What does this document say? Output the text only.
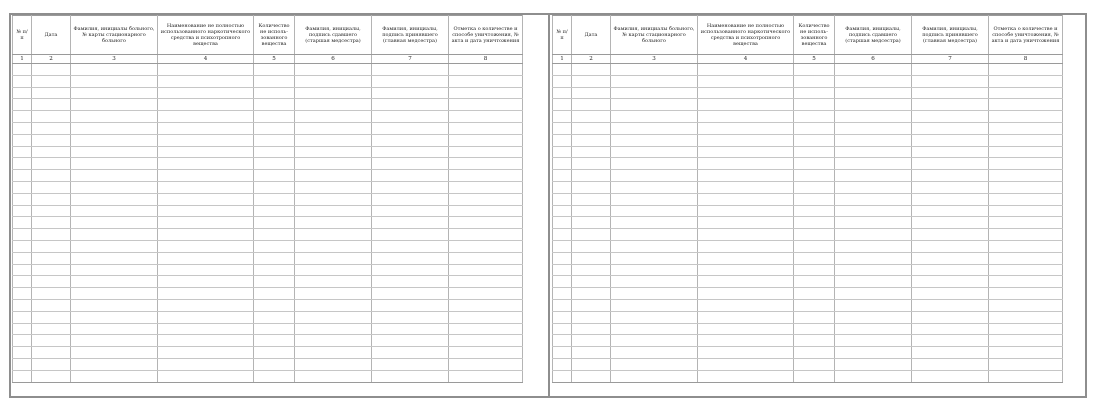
№ п/п	Дата	Фамилия, инициалы больного, № карты стационарного больного	Наименование не полностью использованного наркотического средства и психотропного вещества	Количество не исполь-зованного вещества	Фамилия, инициалы, подпись сдавшего (старшая медсестра)	Фамилия, инициалы, подпись принявшего (главная медсестра)	Отметка о количестве и способе уничтожения, № акта и дата уничтожения
1	2	3	4	5	6	7	8

№ п/п	Дата	Фамилия, инициалы больного, № карты стационарного больного	Наименование не полностью использованного наркотического средства и психотропного вещества	Количество не исполь-зованного вещества	Фамилия, инициалы, подпись сдавшего (старшая медсестра)	Фамилия, инициалы, подпись принявшего (главная медсестра)	Отметка о количестве и способе уничтожения, № акта и дата уничтожения
1	2	3	4	5	6	7	8
